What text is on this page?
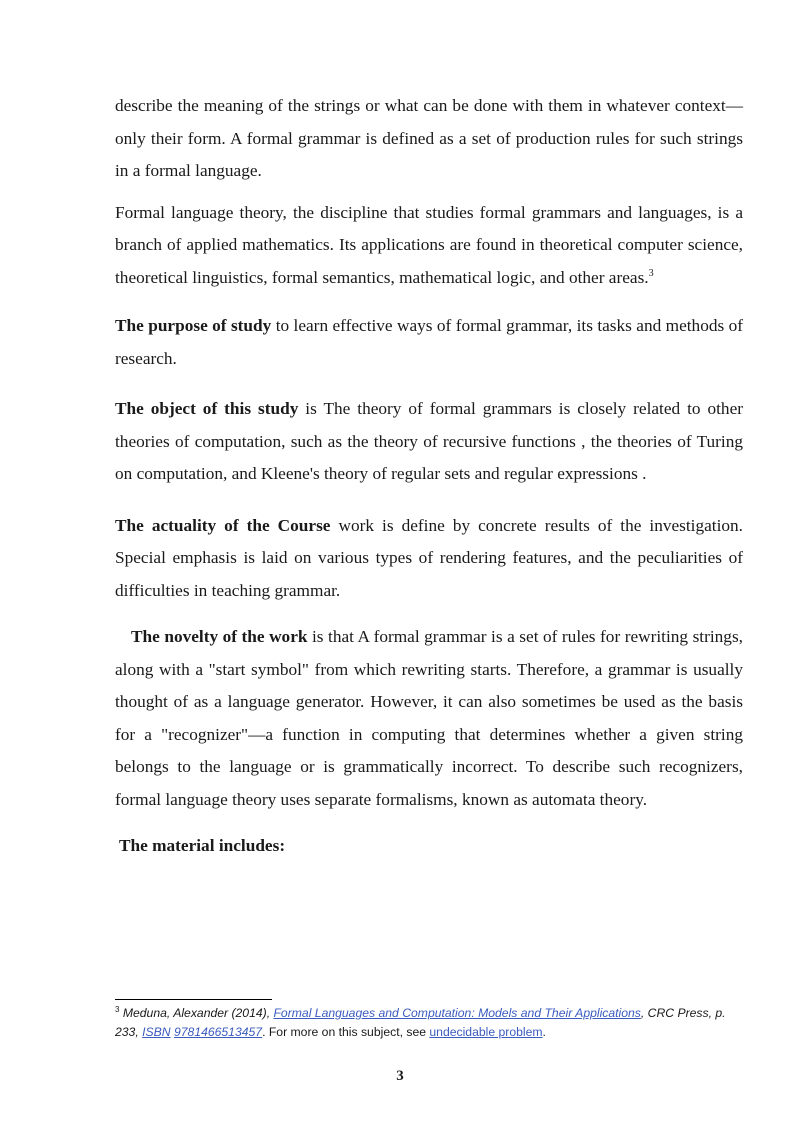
describe the meaning of the strings or what can be done with them in whatever context—only their form. A formal grammar is defined as a set of production rules for such strings in a formal language.

Formal language theory, the discipline that studies formal grammars and languages, is a branch of applied mathematics. Its applications are found in theoretical computer science, theoretical linguistics, formal semantics, mathematical logic, and other areas.$^3$

The purpose of study to learn effective ways of formal grammar, its tasks and methods of research.

The object of this study is The theory of formal grammars is closely related to other theories of computation, such as the theory of recursive functions , the theories of Turing on computation, and Kleene's theory of regular sets and regular expressions .

The actuality of the Course work is define by concrete results of the investigation. Special emphasis is laid on various types of rendering features, and the peculiarities of difficulties in teaching grammar.

The novelty of the work is that A formal grammar is a set of rules for rewriting strings, along with a "start symbol" from which rewriting starts. Therefore, a grammar is usually thought of as a language generator. However, it can also sometimes be used as the basis for a "recognizer"—a function in computing that determines whether a given string belongs to the language or is grammatically incorrect. To describe such recognizers, formal language theory uses separate formalisms, known as automata theory.

The material includes:

$^3$ Meduna, Alexander (2014), Formal Languages and Computation: Models and Their Applications, CRC Press, p. 233, ISBN 9781466513457. For more on this subject, see undecidable problem.
3
